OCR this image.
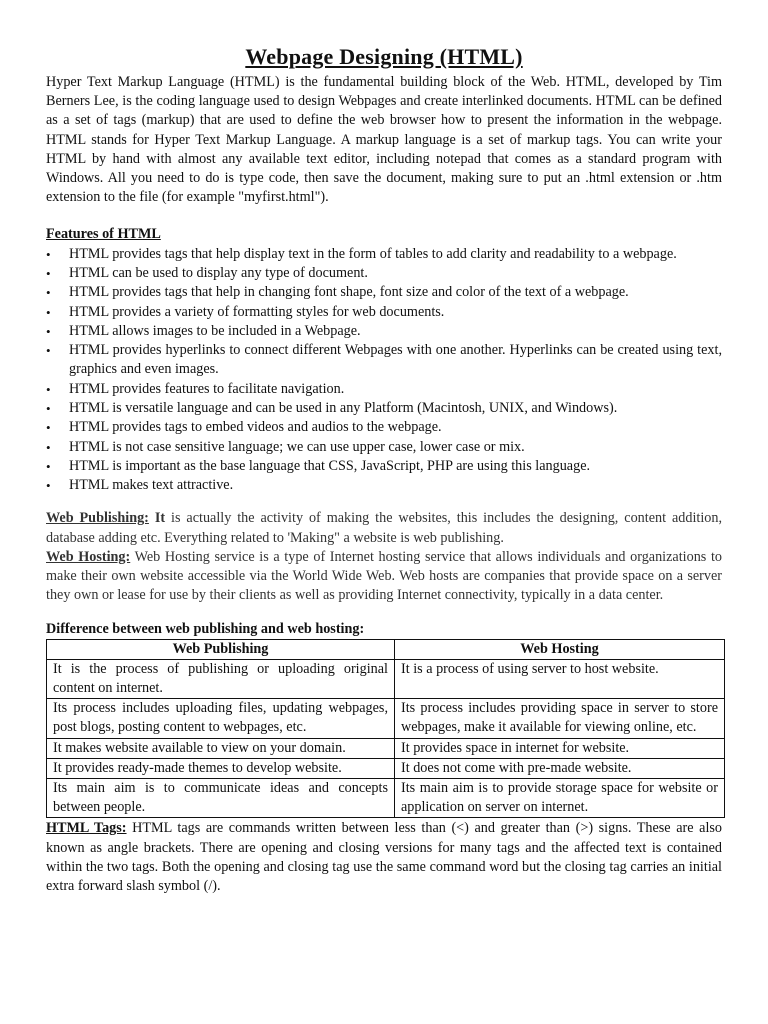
Webpage Designing (HTML)

Hyper Text Markup Language (HTML) is the fundamental building block of the Web. HTML, developed by Tim Berners Lee, is the coding language used to design Webpages and create interlinked documents. HTML can be defined as a set of tags (markup) that are used to define the web browser how to present the information in the webpage. HTML stands for Hyper Text Markup Language. A markup language is a set of markup tags. You can write your HTML by hand with almost any available text editor, including notepad that comes as a standard program with Windows. All you need to do is type code, then save the document, making sure to put an .html extension or .htm extension to the file (for example "myfirst.html").

Features of HTML
•	HTML provides tags that help display text in the form of tables to add clarity and readability to a webpage.
•	HTML can be used to display any type of document.
•	HTML provides tags that help in changing font shape, font size and color of the text of a webpage.
•	HTML provides a variety of formatting styles for web documents.
•	HTML allows images to be included in a Webpage.
•	HTML provides hyperlinks to connect different Webpages with one another. Hyperlinks can be created using text, graphics and even images.
•	HTML provides features to facilitate navigation.
•	HTML is versatile language and can be used in any Platform (Macintosh, UNIX, and Windows).
•	HTML provides tags to embed videos and audios to the webpage.
•	HTML is not case sensitive language; we can use upper case, lower case or mix.
•	HTML is important as the base language that CSS, JavaScript, PHP are using this language.
•	HTML makes text attractive.

Web Publishing: It is actually the activity of making the websites, this includes the designing, content addition, database adding etc. Everything related to 'Making" a website is web publishing.

Web Hosting: Web Hosting service is a type of Internet hosting service that allows individuals and organizations to make their own website accessible via the World Wide Web. Web hosts are companies that provide space on a server they own or lease for use by their clients as well as providing Internet connectivity, typically in a data center.

Difference between web publishing and web hosting:
Web Publishing	Web Hosting
It is the process of publishing or uploading original content on internet.	It is a process of using server to host website.
Its process includes uploading files, updating webpages, post blogs, posting content to webpages, etc.	Its process includes providing space in server to store webpages, make it available for viewing online, etc.
It makes website available to view on your domain.	It provides space in internet for website.
It provides ready-made themes to develop website.	It does not come with pre-made website.
Its main aim is to communicate ideas and concepts between people.	Its main aim is to provide storage space for website or application on server on internet.

HTML Tags: HTML tags are commands written between less than (<) and greater than (>) signs. These are also known as angle brackets. There are opening and closing versions for many tags and the affected text is contained within the two tags. Both the opening and closing tag use the same command word but the closing tag carries an initial extra forward slash symbol (/).
